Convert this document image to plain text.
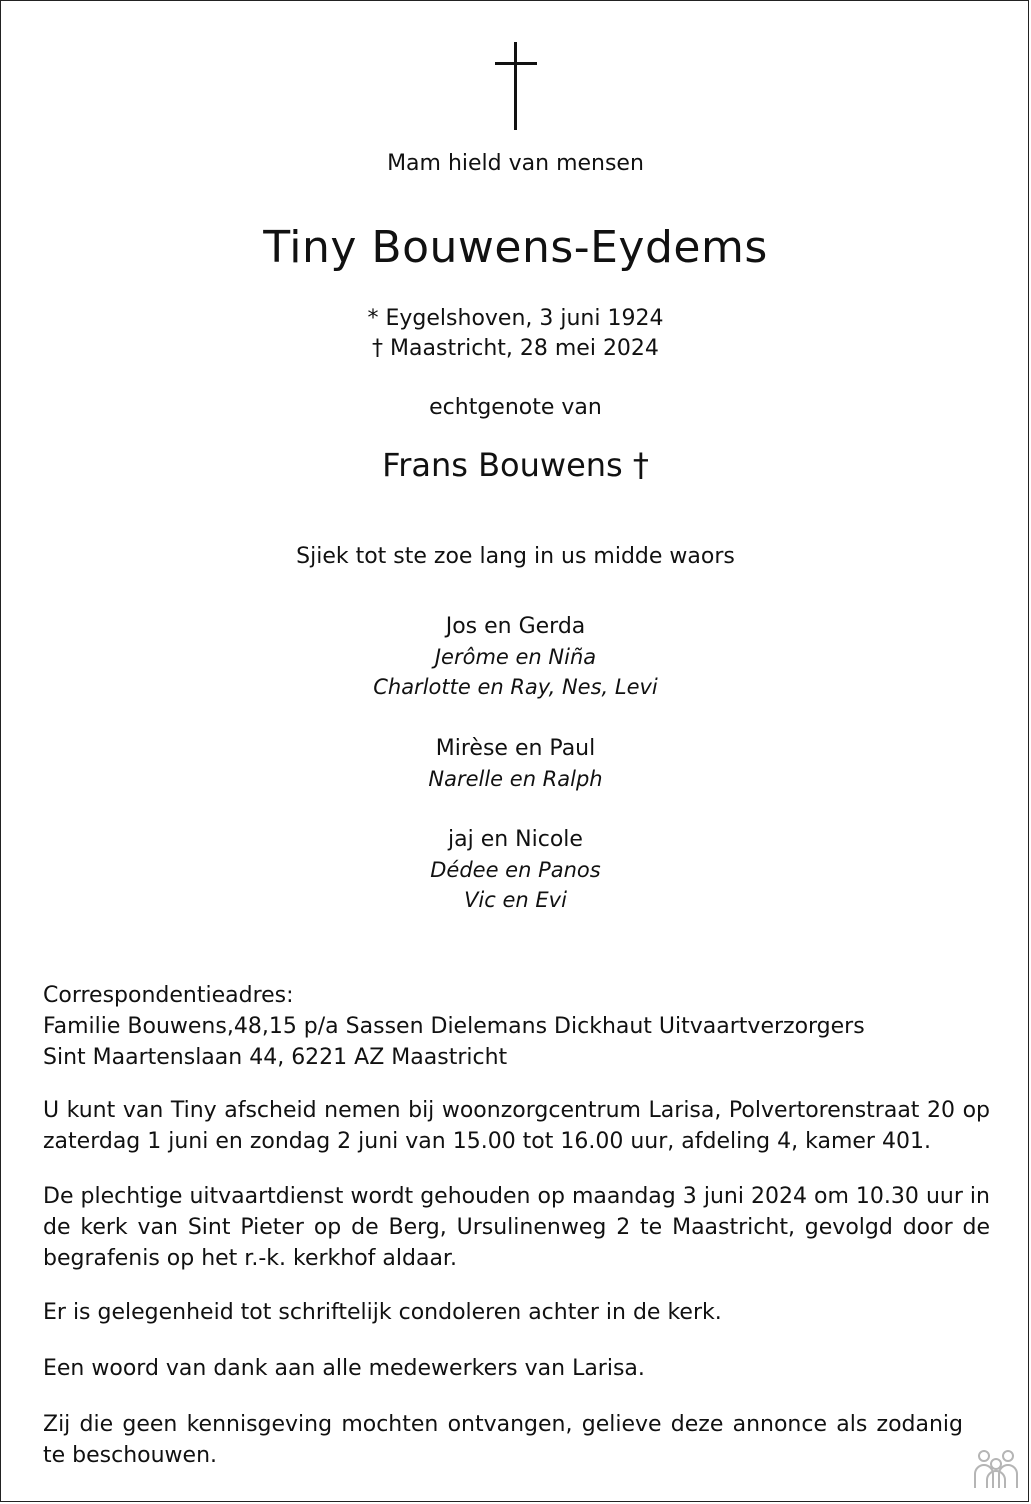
Mam hield van mensen
Tiny Bouwens-Eydems
* Eygelshoven, 3 juni 1924
† Maastricht, 28 mei 2024
echtgenote van
Frans Bouwens †
Sjiek tot ste zoe lang in us midde waors
Jos en Gerda
Jerôme en Niña
Charlotte en Ray, Nes, Levi
Mirèse en Paul
Narelle en Ralph
jaj en Nicole
Dédee en Panos
Vic en Evi
Correspondentieadres:
Familie Bouwens,48,15 p/a Sassen Dielemans Dickhaut Uitvaartverzorgers
Sint Maartenslaan 44, 6221 AZ Maastricht
U kunt van Tiny afscheid nemen bij woonzorgcentrum Larisa, Polvertorenstraat 20 op zaterdag 1 juni en zondag 2 juni van 15.00 tot 16.00 uur, afdeling 4, kamer 401.
De plechtige uitvaartdienst wordt gehouden op maandag 3 juni 2024 om 10.30 uur in de kerk van Sint Pieter op de Berg, Ursulinenweg 2 te Maastricht, gevolgd door de begrafenis op het r.-k. kerkhof aldaar.
Er is gelegenheid tot schriftelijk condoleren achter in de kerk.
Een woord van dank aan alle medewerkers van Larisa.
Zij die geen kennisgeving mochten ontvangen, gelieve deze annonce als zodanig te beschouwen.
